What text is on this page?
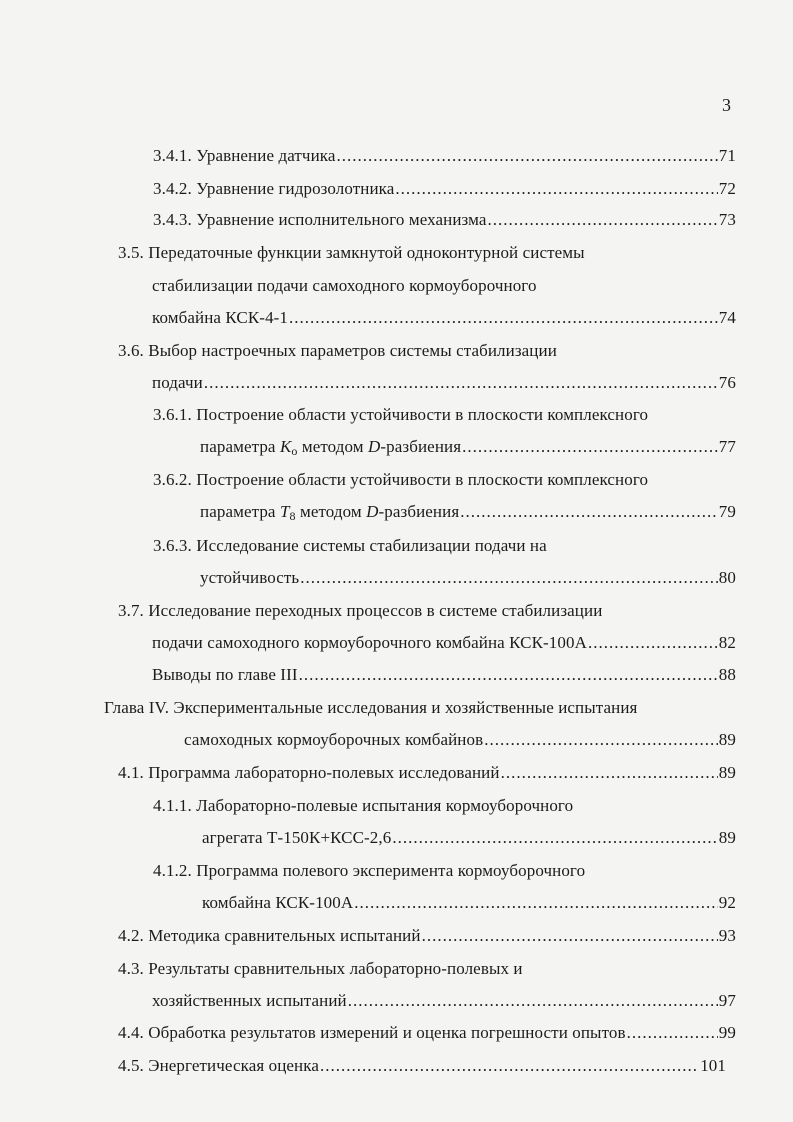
3
3.4.1. Уравнение датчика .....	71
3.4.2. Уравнение гидрозолотника .....	72
3.4.3. Уравнение исполнительного механизма .....	73
3.5. Передаточные функции замкнутой одноконтурной системы
стабилизации подачи самоходного кормоуборочного
комбайна КСК-4-1 .....	74
3.6. Выбор настроечных параметров системы стабилизации
подачи .....	76
3.6.1. Построение области устойчивости в плоскости комплексного
параметра $K_o$ методом D-разбиения .....	77
3.6.2. Построение области устойчивости в плоскости комплексного
параметра $T_8$ методом D-разбиения .....	79
3.6.3. Исследование системы стабилизации подачи на
устойчивость .....	80
3.7. Исследование переходных процессов в системе стабилизации
подачи самоходного кормоуборочного комбайна КСК-100А .....	82
Выводы по главе III .....	88
Глава IV. Экспериментальные исследования и хозяйственные испытания
самоходных кормоуборочных комбайнов .....	89
4.1. Программа лабораторно-полевых исследований .....	89
4.1.1. Лабораторно-полевые испытания кормоуборочного
агрегата Т-150К+КСС-2,6 .....	89
4.1.2. Программа полевого эксперимента кормоуборочного
комбайна КСК-100А .....	92
4.2. Методика сравнительных испытаний .....	93
4.3. Результаты сравнительных лабораторно-полевых и
хозяйственных испытаний .....	97
4.4. Обработка результатов измерений и оценка погрешности опытов .....	99
4.5. Энергетическая оценка .....	101
